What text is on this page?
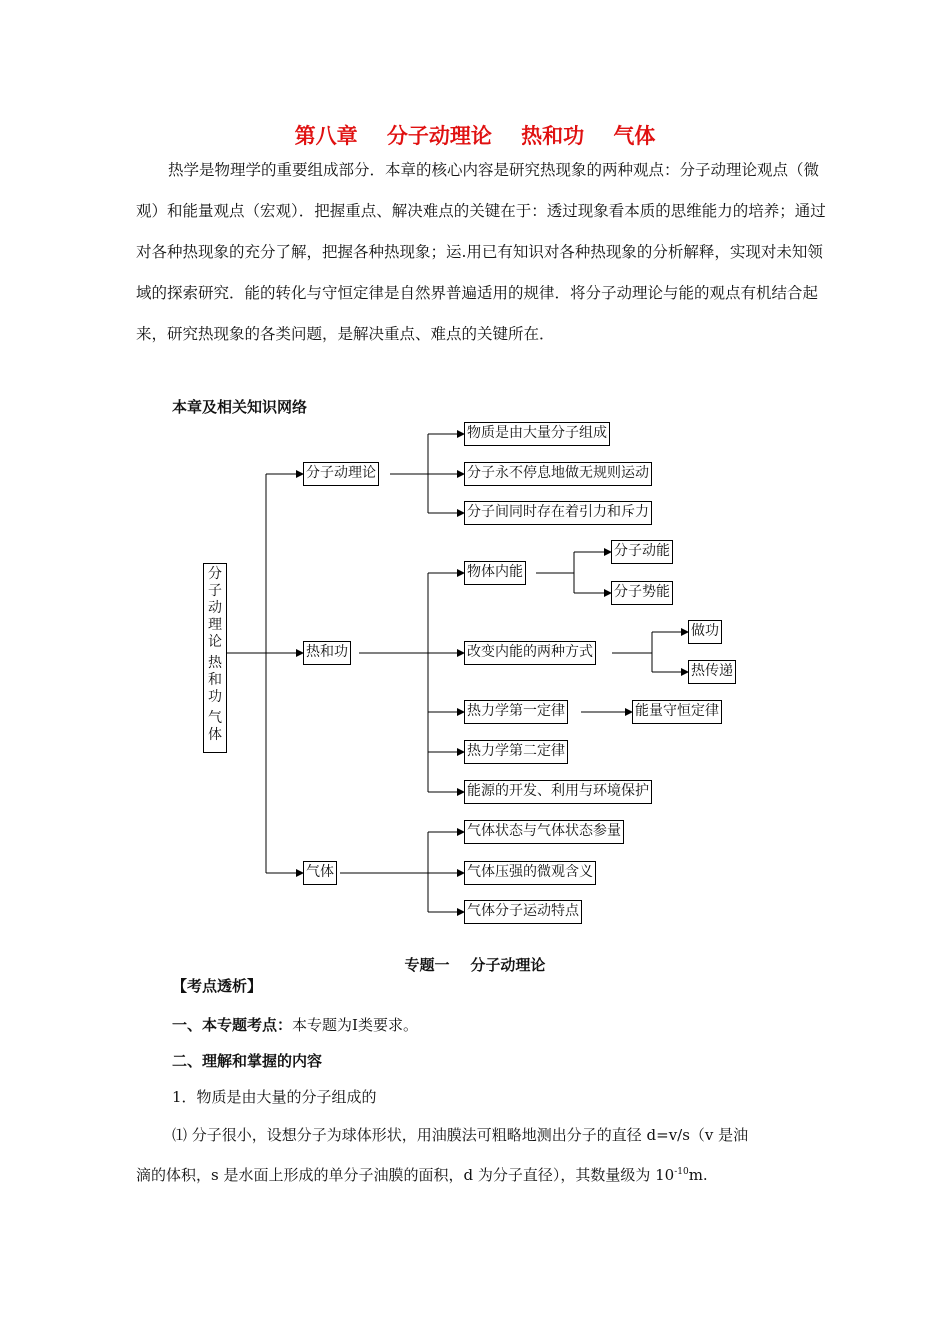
第八章    分子动理论    热和功    气体

热学是物理学的重要组成部分．本章的核心内容是研究热现象的两种观点：分子动理论观点（微观）和能量观点（宏观）．把握重点、解决难点的关键在于：透过现象看本质的思维能力的培养；通过对各种热现象的充分了解，把握各种热现象；运.用已有知识对各种热现象的分析解释，实现对未知领域的探索研究．能的转化与守恒定律是自然界普遍适用的规律．将分子动理论与能的观点有机结合起来，研究热现象的各类问题，是解决重点、难点的关键所在．

本章及相关知识网络
分
子
动
理
论
热
和
功
气
体
分子动理论
物质是由大量分子组成
分子永不停息地做无规则运动
分子间同时存在着引力和斥力
热和功
物体内能
分子动能
分子势能
改变内能的两种方式
做功
热传递
热力学第一定律	能量守恒定律
热力学第二定律
能源的开发、利用与环境保护
气体
气体状态与气体状态参量
气体压强的微观含义
气体分子运动特点
专题一    分子动理论
【考点透析】
一、本专题考点：本专题为Ⅰ类要求。
二、理解和掌握的内容
1．物质是由大量的分子组成的
⑴ 分子很小，设想分子为球体形状，用油膜法可粗略地测出分子的直径 d=v/s（v 是油
滴的体积，s 是水面上形成的单分子油膜的面积，d 为分子直径），其数量级为 $10^{-10}m$.
